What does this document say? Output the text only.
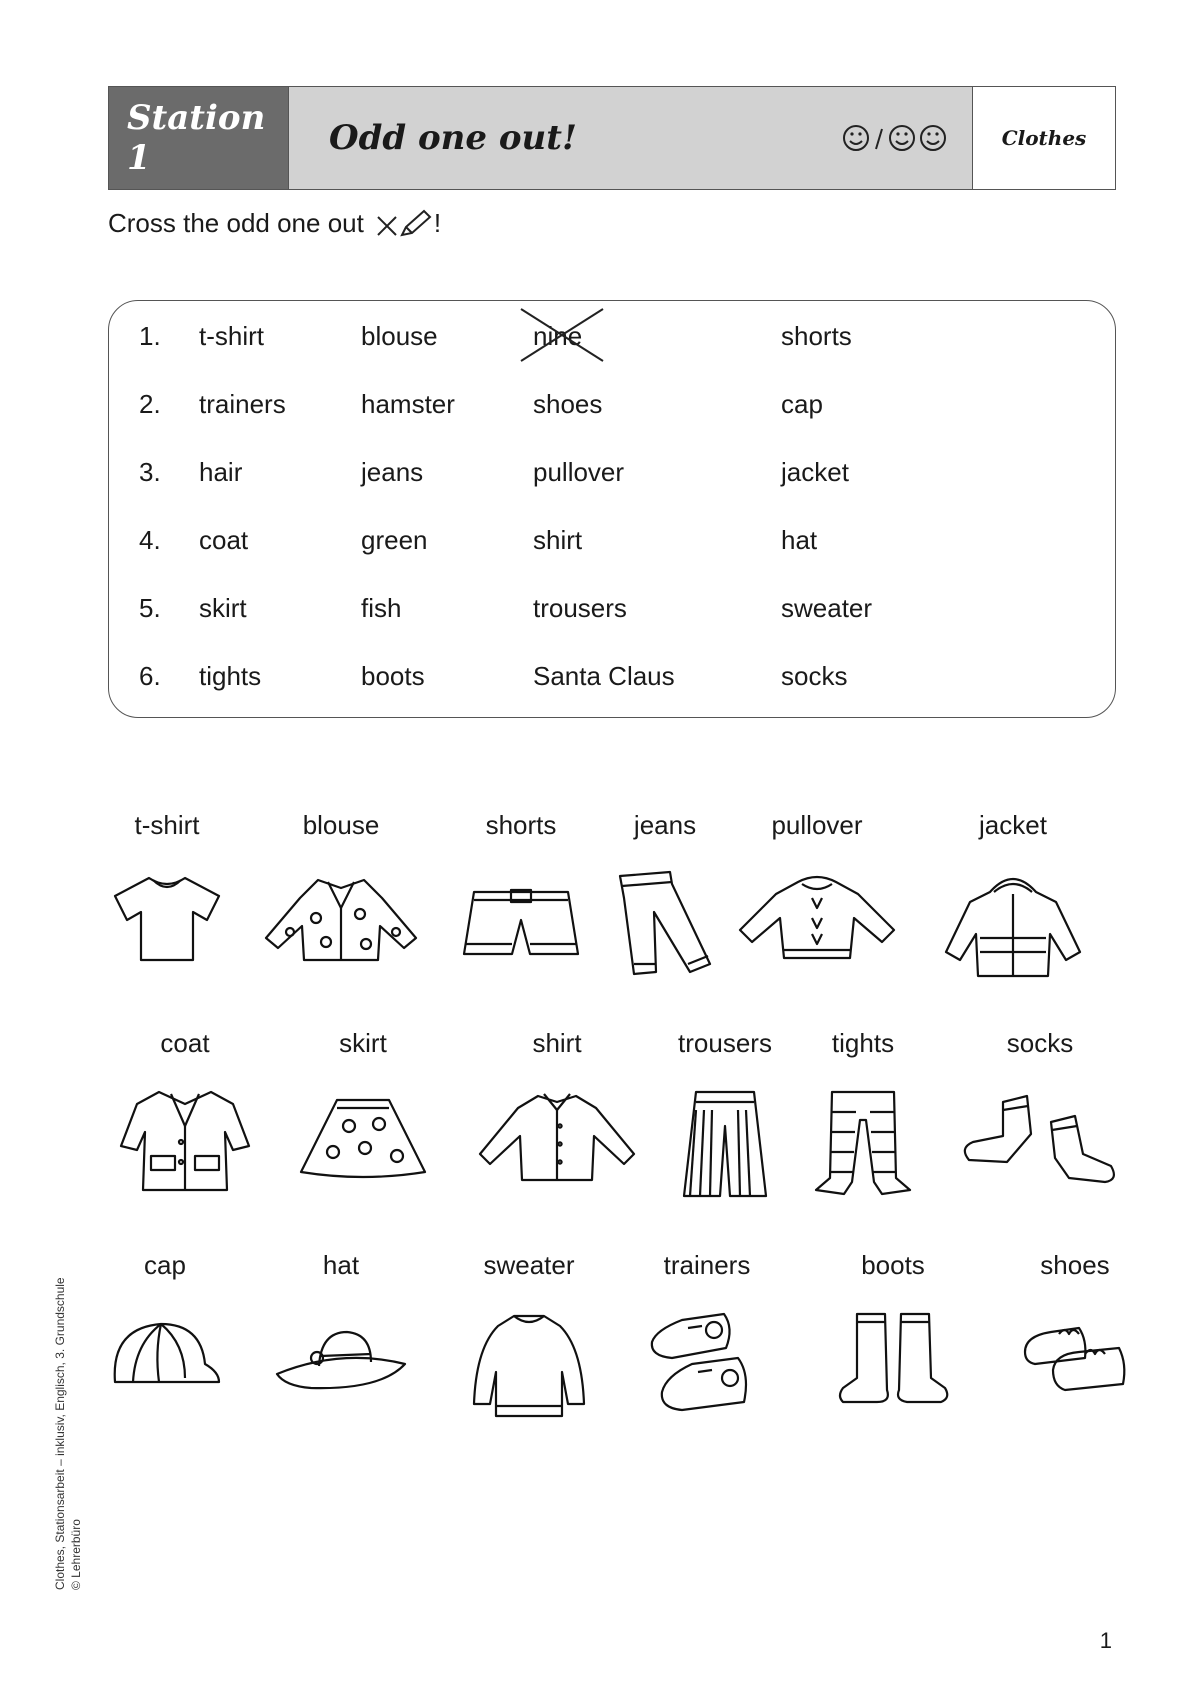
Station 1	Odd one out!	Clothes
Cross the odd one out	!
1. t-shirt	blouse	nine	shorts
2. trainers	hamster	shoes	cap
3. hair	jeans	pullover	jacket
4. coat	green	shirt	hat
5. skirt	fish	trousers	sweater
6. tights	boots	Santa Claus	socks
t-shirt	blouse	shorts	jeans	pullover	jacket
coat	skirt	shirt	trousers	tights	socks
cap	hat	sweater	trainers	boots	shoes
Clothes, Stationsarbeit – inklusiv, Englisch, 3. Grundschule © Lehrerbüro
1
